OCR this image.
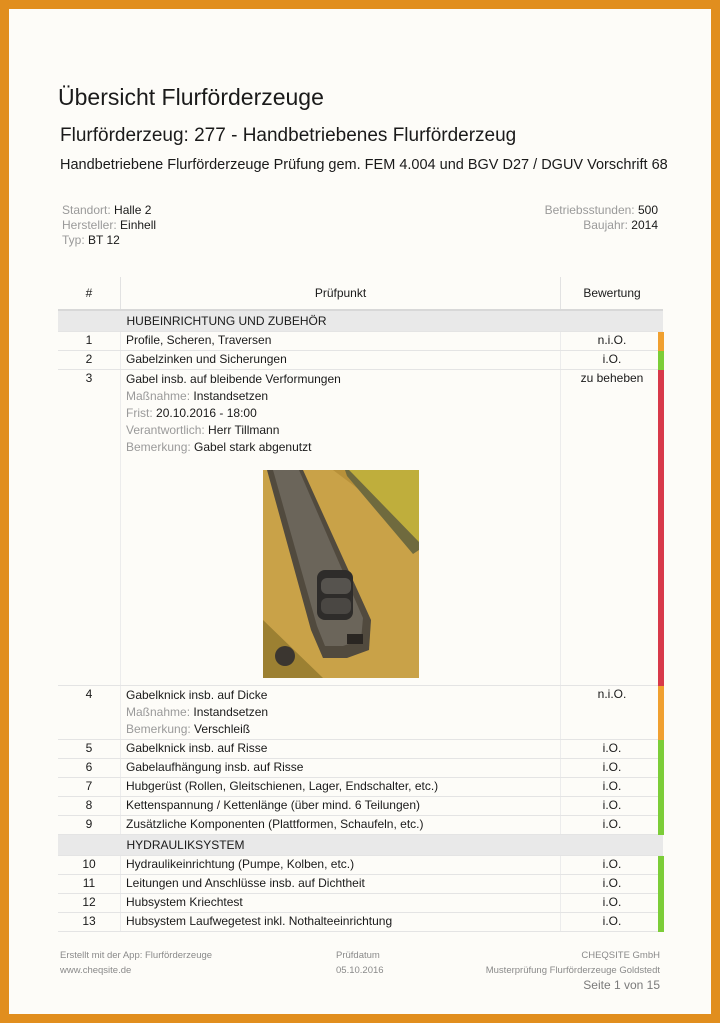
Übersicht Flurförderzeuge
Flurförderzeug: 277 - Handbetriebenes Flurförderzeug
Handbetriebene Flurförderzeuge Prüfung gem. FEM 4.004 und BGV D27 / DGUV Vorschrift 68
Standort: Halle 2
Hersteller: Einhell
Typ: BT 12
Betriebsstunden: 500
Baujahr: 2014
#	Prüfpunkt	Bewertung
	HUBEINRICHTUNG UND ZUBEHÖR	
1	Profile, Scheren, Traversen	n.i.O.

2	Gabelzinken und Sicherungen	i.O.

3	Gabel insb. auf bleibende Verformungen
Maßnahme: Instandsetzen
Frist: 20.10.2016 - 18:00
Verantwortlich: Herr Tillmann
Bemerkung: Gabel stark abgenutzt	zu beheben

4	Gabelknick insb. auf Dicke
Maßnahme: Instandsetzen
Bemerkung: Verschleiß	n.i.O.

5	Gabelknick insb. auf Risse	i.O.

6	Gabelaufhängung insb. auf Risse	i.O.

7	Hubgerüst (Rollen, Gleitschienen, Lager, Endschalter, etc.)	i.O.

8	Kettenspannung / Kettenlänge (über mind. 6 Teilungen)	i.O.

9	Zusätzliche Komponenten (Plattformen, Schaufeln, etc.)	i.O.

	HYDRAULIKSYSTEM	
10	Hydraulikeinrichtung (Pumpe, Kolben, etc.)	i.O.

11	Leitungen und Anschlüsse insb. auf Dichtheit	i.O.

12	Hubsystem Kriechtest	i.O.

13	Hubsystem Laufwegetest inkl. Nothalteeinrichtung	i.O.
Erstellt mit der App: Flurförderzeuge
www.cheqsite.de
Prüfdatum
05.10.2016
CHEQSITE GmbH
Musterprüfung Flurförderzeuge Goldstedt
Seite 1 von 15
